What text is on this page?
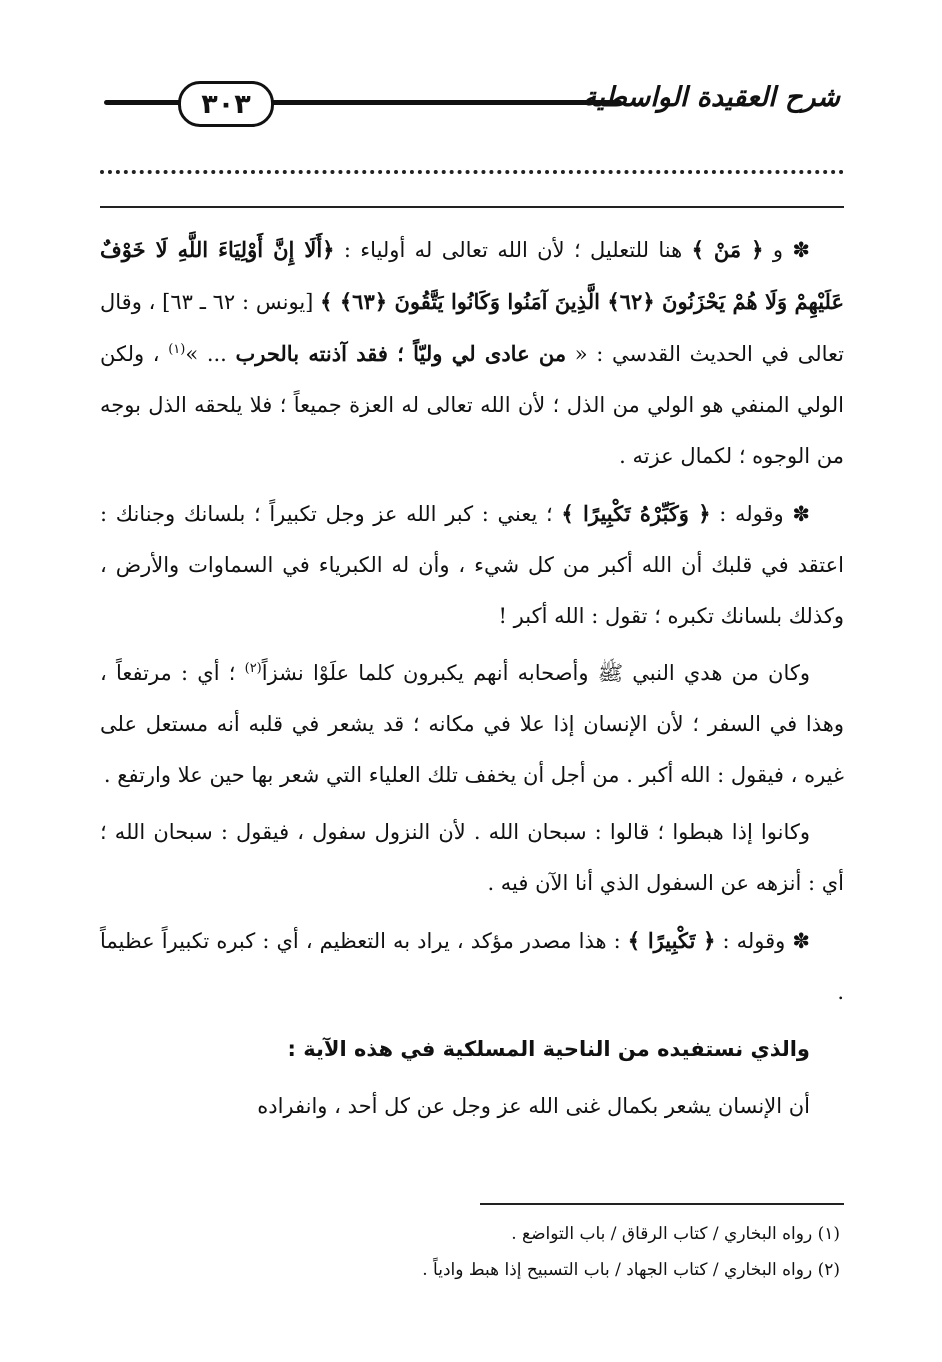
٣٠٣	شرح العقيدة الواسطية

✽ و ﴿ مَنْ ﴾ هنا للتعليل ؛ لأن الله تعالى له أولياء : ﴿أَلَا إِنَّ أَوْلِيَاءَ اللَّهِ لَا خَوْفٌ عَلَيْهِمْ وَلَا هُمْ يَحْزَنُونَ ﴿٦٢﴾ الَّذِينَ آمَنُوا وَكَانُوا يَتَّقُونَ ﴿٦٣﴾ ﴾ [يونس : ٦٢ ـ ٦٣] ، وقال تعالى في الحديث القدسي : « من عادى لي وليّاً ؛ فقد آذنته بالحرب ... »$^{(١)}$ ، ولكن الولي المنفي هو الولي من الذل ؛ لأن الله تعالى له العزة جميعاً ؛ فلا يلحقه الذل بوجه من الوجوه ؛ لكمال عزته .

✽ وقوله : ﴿ وَكَبِّرْهُ تَكْبِيرًا ﴾ ؛ يعني : كبر الله عز وجل تكبيراً ؛ بلسانك وجنانك : اعتقد في قلبك أن الله أكبر من كل شيء ، وأن له الكبرياء في السماوات والأرض ، وكذلك بلسانك تكبره ؛ تقول : الله أكبر !

وكان من هدي النبي ﷺ وأصحابه أنهم يكبرون كلما علَوْا نشزاً$^{(٢)}$ ؛ أي : مرتفعاً ، وهذا في السفر ؛ لأن الإنسان إذا علا في مكانه ؛ قد يشعر في قلبه أنه مستعل على غيره ، فيقول : الله أكبر . من أجل أن يخفف تلك العلياء التي شعر بها حين علا وارتفع .

وكانوا إذا هبطوا ؛ قالوا : سبحان الله . لأن النزول سفول ، فيقول : سبحان الله ؛ أي : أنزهه عن السفول الذي أنا الآن فيه .

✽ وقوله : ﴿ تَكْبِيرًا ﴾ : هذا مصدر مؤكد ، يراد به التعظيم ، أي : كبره تكبيراً عظيماً .

والذي نستفيده من الناحية المسلكية في هذه الآية :

أن الإنسان يشعر بكمال غنى الله عز وجل عن كل أحد ، وانفراده

(١) رواه البخاري / كتاب الرقاق / باب التواضع .
(٢) رواه البخاري / كتاب الجهاد / باب التسبيح إذا هبط وادياً .
